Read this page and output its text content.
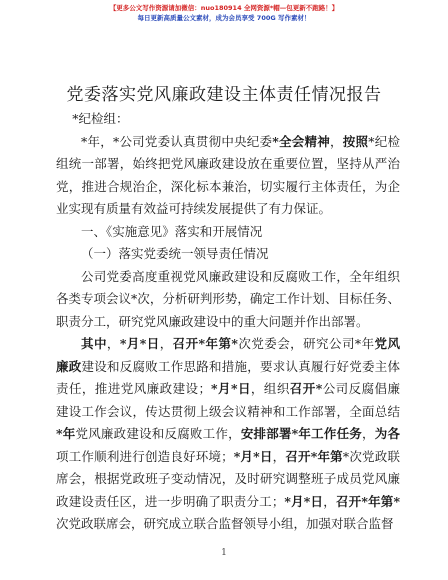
【更多公文写作资源请加微信：nuo180914 全网资源*帽—包更新不跑路！】
每日更新高质量公文素材，成为会员享受 700G 写作素材！
党委落实党风廉政建设主体责任情况报告

*纪检组：

*年，*公司党委认真贯彻中央纪委*全会精神，按照*纪检组统一部署，始终把党风廉政建设放在重要位置，坚持从严治党，推进合规治企，深化标本兼治，切实履行主体责任，为企业实现有质量有效益可持续发展提供了有力保证。

一、《实施意见》落实和开展情况

（一）落实党委统一领导责任情况

公司党委高度重视党风廉政建设和反腐败工作，全年组织各类专项会议*次，分析研判形势，确定工作计划、目标任务、职责分工，研究党风廉政建设中的重大问题并作出部署。

其中，*月*日，召开*年第*次党委会，研究公司*年党风廉政建设和反腐败工作思路和措施，要求认真履行好党委主体责任，推进党风廉政建设；*月*日，组织召开*公司反腐倡廉建设工作会议，传达贯彻上级会议精神和工作部署，全面总结*年党风廉政建设和反腐败工作，安排部署*年工作任务，为各项工作顺利进行创造良好环境；*月*日，召开*年第*次党政联席会，根据党政班子变动情况，及时研究调整班子成员党风廉政建设责任区，进一步明确了职责分工；*月*日，召开*年第*次党政联席会，研究成立联合监督领导小组，加强对联合监督

1
